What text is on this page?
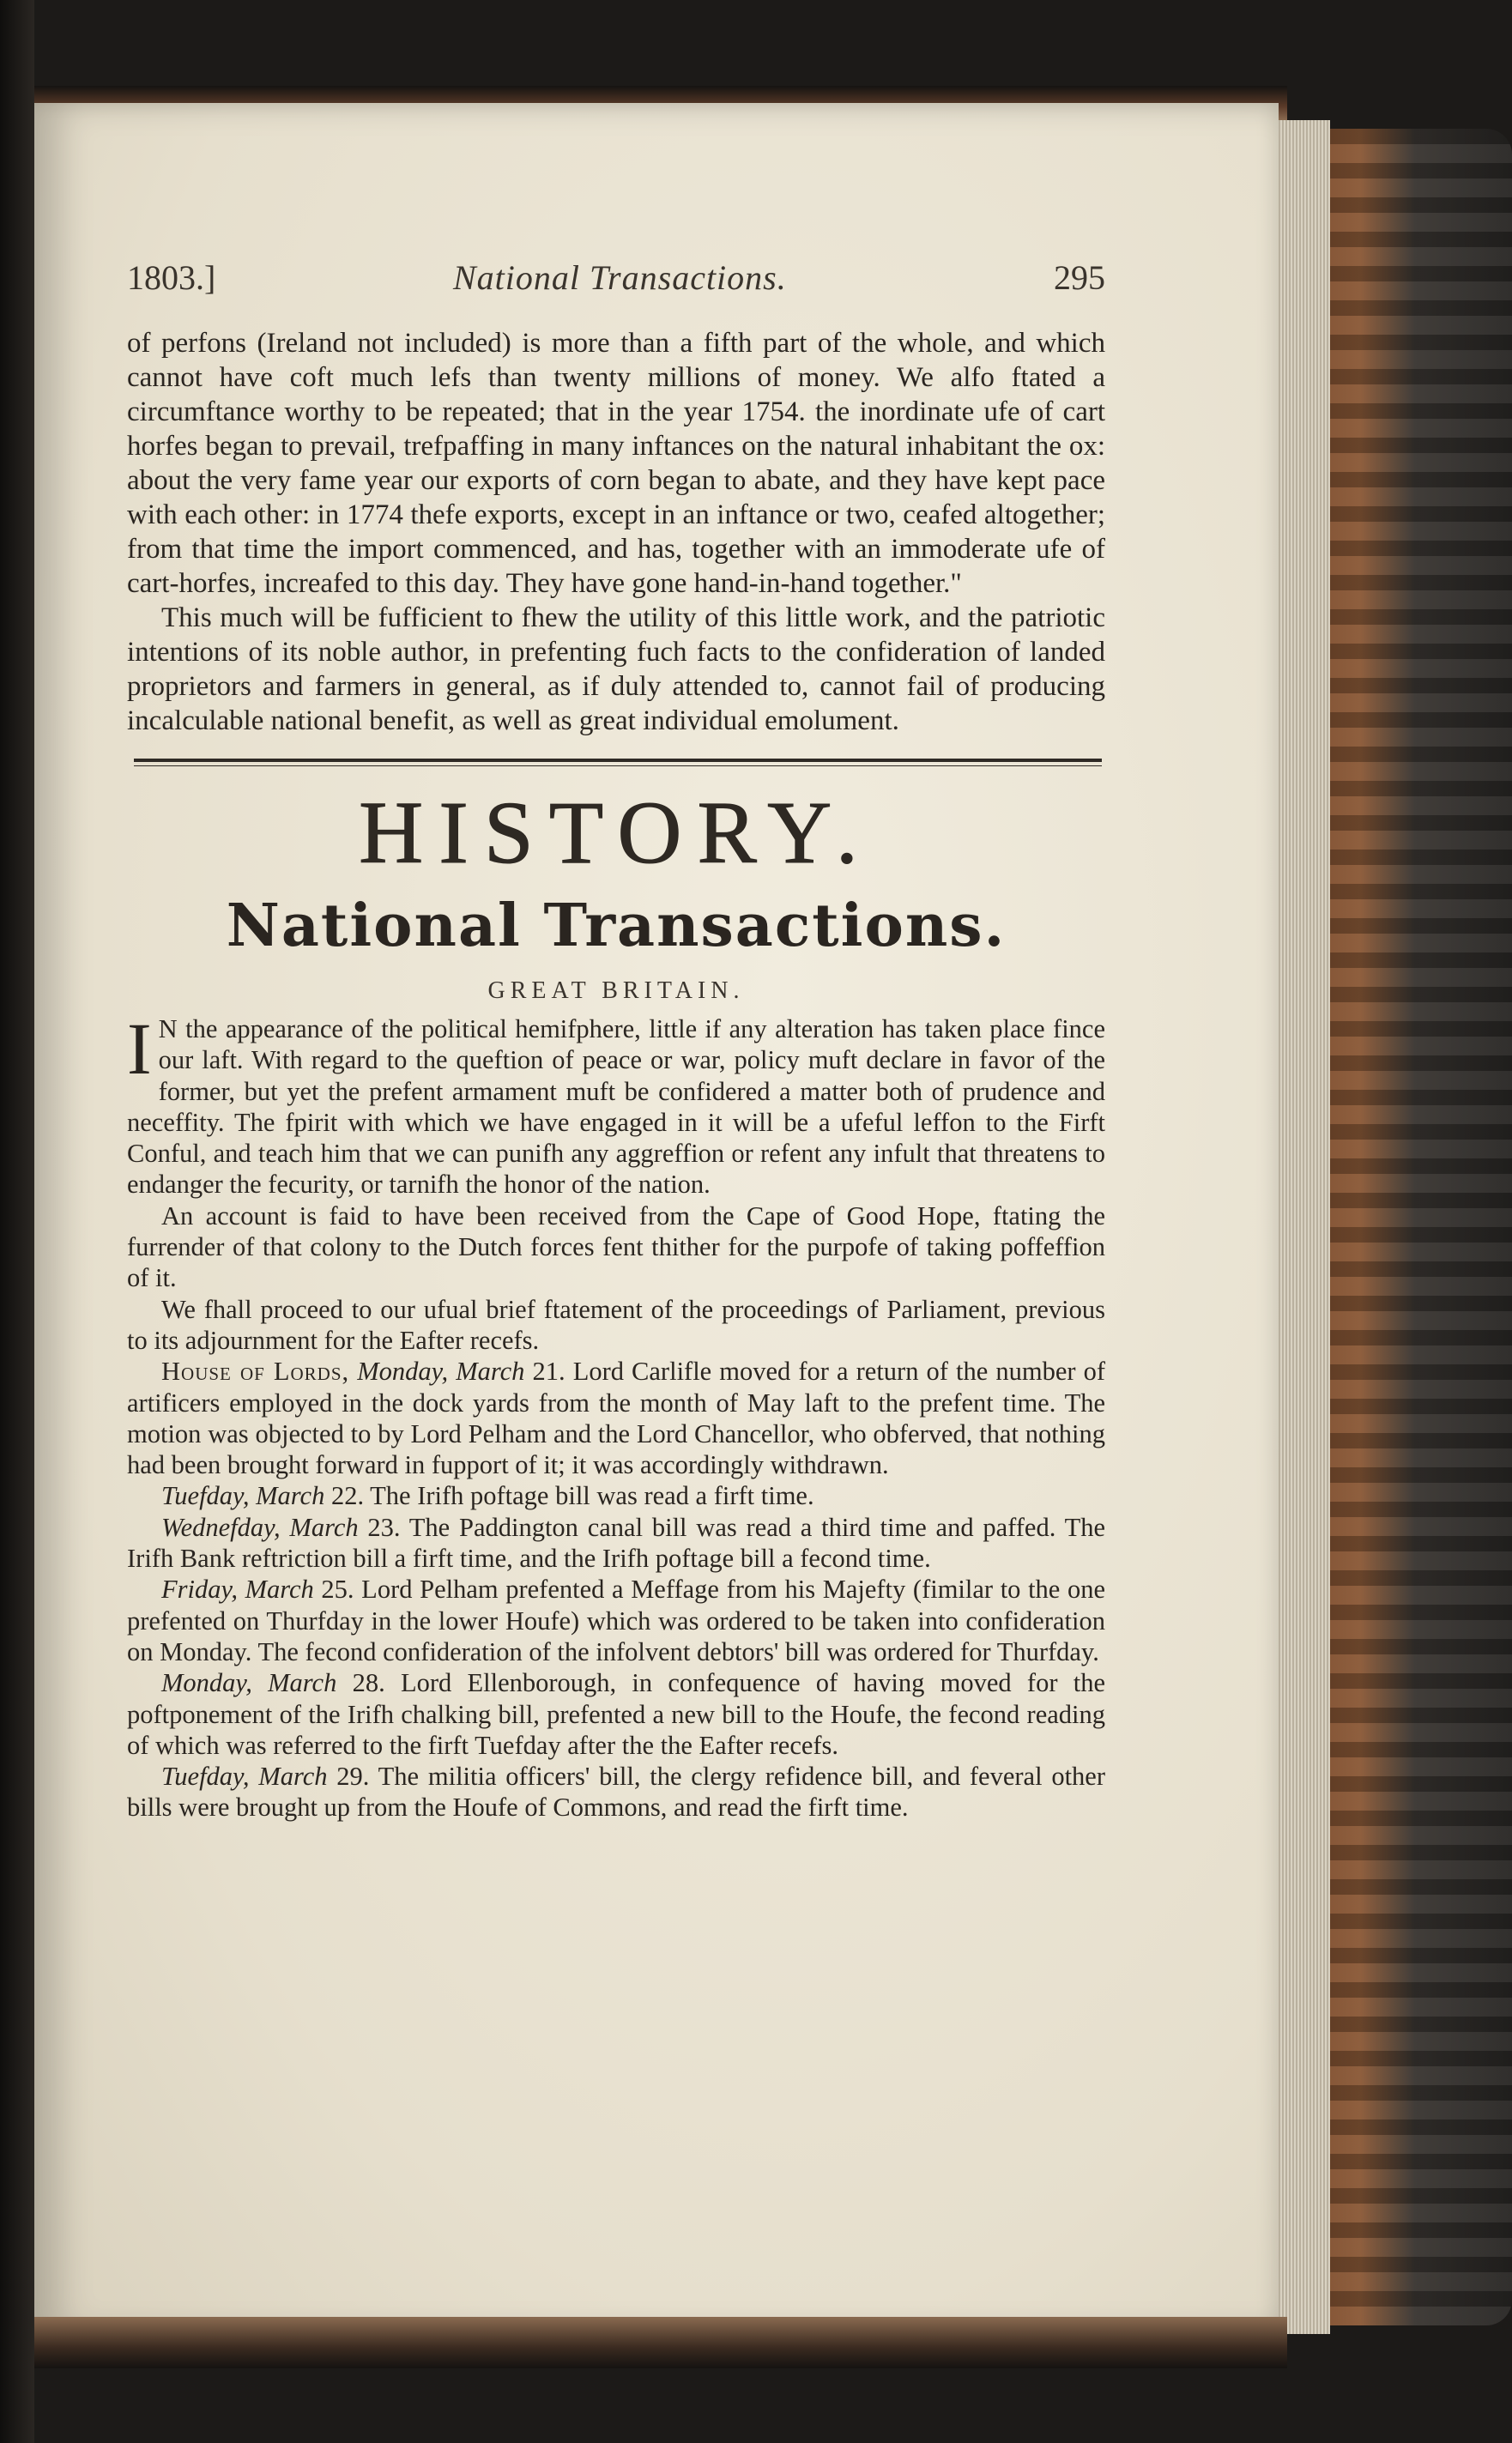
1803.]	National Transactions.	295

of perfons (Ireland not included) is more than a fifth part of the whole, and which cannot have coft much lefs than twenty millions of money. We alfo ftated a circumftance worthy to be repeated; that in the year 1754. the inordinate ufe of cart horfes began to prevail, trefpaffing in many inftances on the natural inhabitant the ox: about the very fame year our exports of corn began to abate, and they have kept pace with each other: in 1774 thefe exports, except in an inftance or two, ceafed altogether; from that time the import commenced, and has, together with an immoderate ufe of cart-horfes, increafed to this day. They have gone hand-in-hand together."

This much will be fufficient to fhew the utility of this little work, and the patriotic intentions of its noble author, in prefenting fuch facts to the confideration of landed proprietors and farmers in general, as if duly attended to, cannot fail of producing incalculable national benefit, as well as great individual emolument.

HISTORY.
National Transactions.
GREAT BRITAIN.

I N the appearance of the political hemifphere, little if any alteration has taken place fince our laft. With regard to the queftion of peace or war, policy muft declare in favor of the former, but yet the prefent armament muft be confidered a matter both of prudence and neceffity. The fpirit with which we have engaged in it will be a ufeful leffon to the Firft Conful, and teach him that we can punifh any aggreffion or refent any infult that threatens to endanger the fecurity, or tarnifh the honor of the nation.

An account is faid to have been received from the Cape of Good Hope, ftating the furrender of that colony to the Dutch forces fent thither for the purpofe of taking poffeffion of it.

We fhall proceed to our ufual brief ftatement of the proceedings of Parliament, previous to its adjournment for the Eafter recefs.

House of Lords, Monday, March 21. Lord Carlifle moved for a return of the number of artificers employed in the dock yards from the month of May laft to the prefent time. The motion was objected to by Lord Pelham and the Lord Chancellor, who obferved, that nothing had been brought forward in fupport of it; it was accordingly withdrawn.

Tuefday, March 22. The Irifh poftage bill was read a firft time.

Wednefday, March 23. The Paddington canal bill was read a third time and paffed. The Irifh Bank reftriction bill a firft time, and the Irifh poftage bill a fecond time.

Friday, March 25. Lord Pelham prefented a Meffage from his Majefty (fimilar to the one prefented on Thurfday in the lower Houfe) which was ordered to be taken into confideration on Monday. The fecond confideration of the infolvent debtors' bill was ordered for Thurfday.

Monday, March 28. Lord Ellenborough, in confequence of having moved for the poftponement of the Irifh chalking bill, prefented a new bill to the Houfe, the fecond reading of which was referred to the firft Tuefday after the the Eafter recefs.

Tuefday, March 29. The militia officers' bill, the clergy refidence bill, and feveral other bills were brought up from the Houfe of Commons, and read the firft time.
